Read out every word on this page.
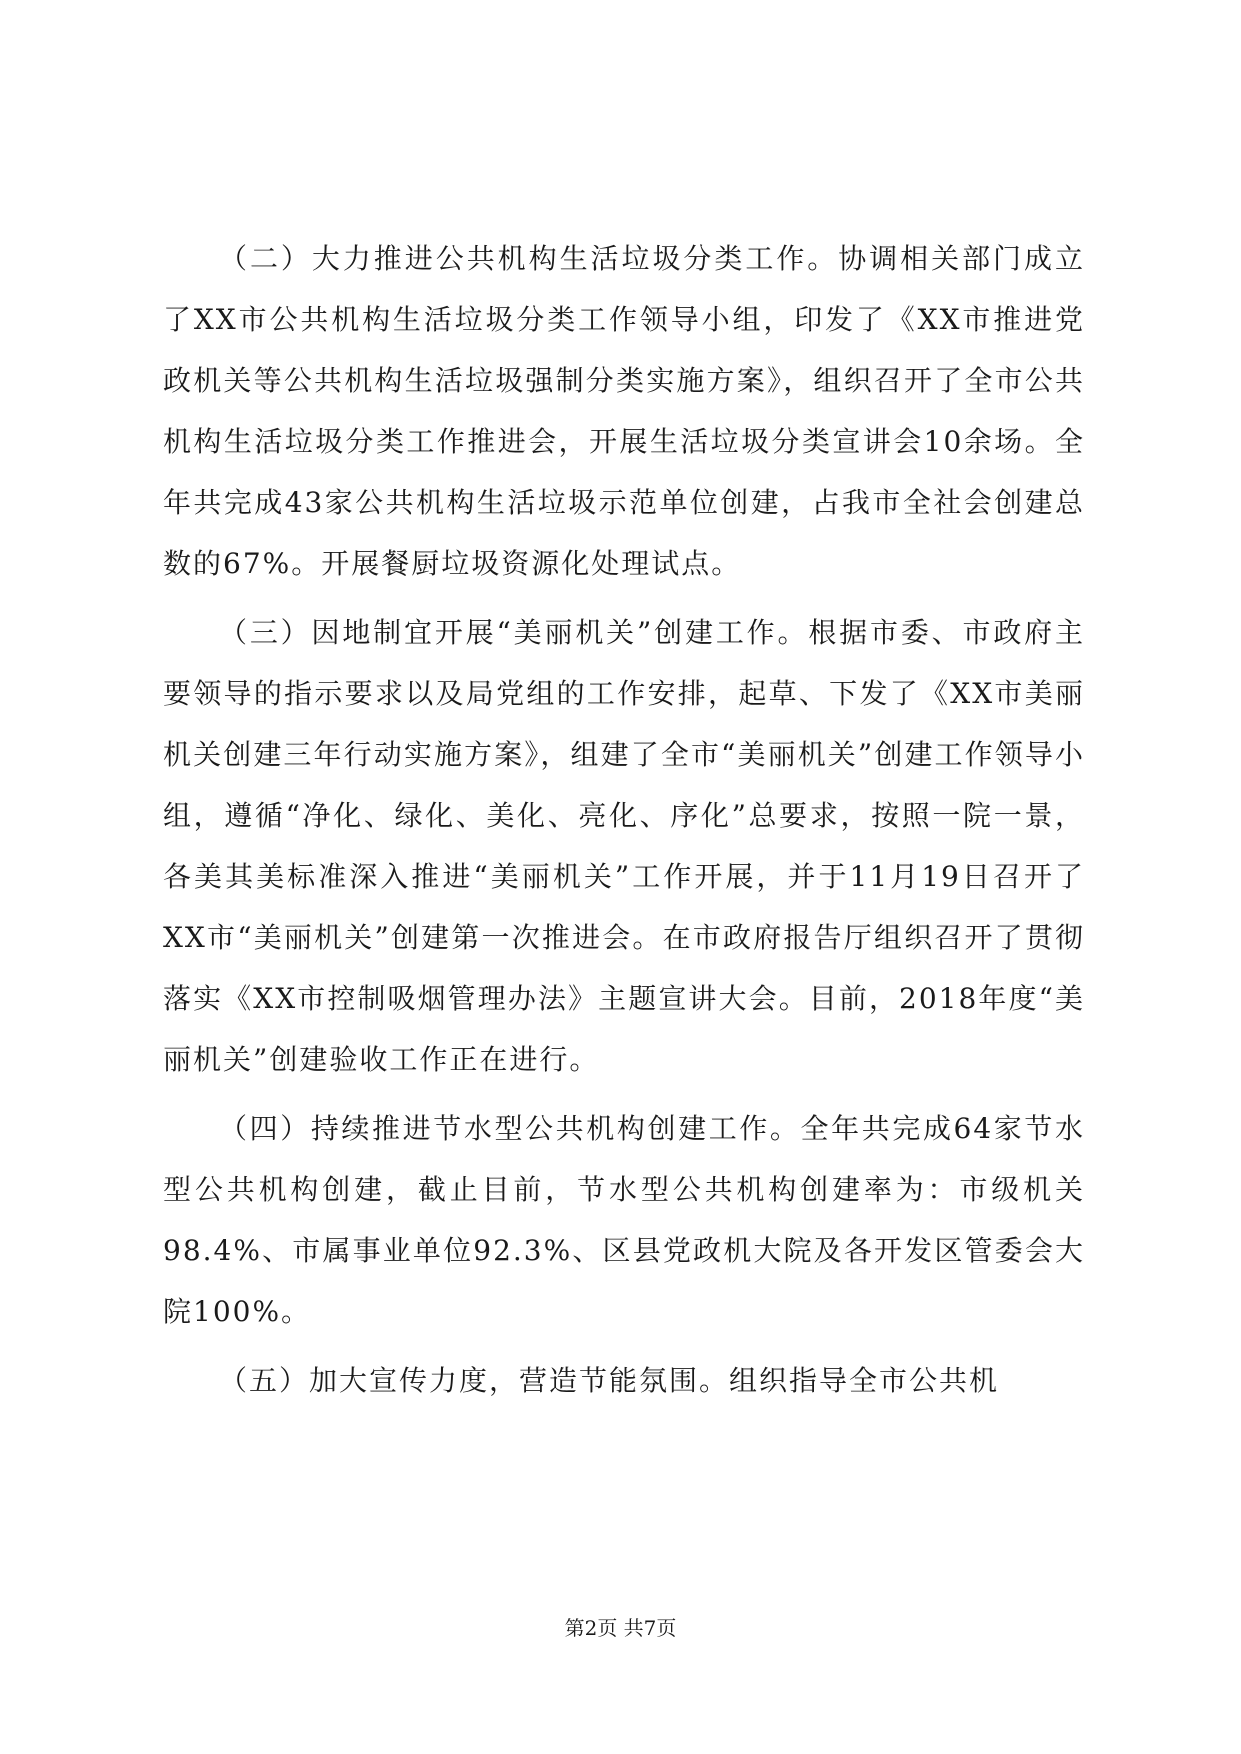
（二）大力推进公共机构生活垃圾分类工作。协调相关部门成立了XX市公共机构生活垃圾分类工作领导小组，印发了《XX市推进党政机关等公共机构生活垃圾强制分类实施方案》，组织召开了全市公共机构生活垃圾分类工作推进会，开展生活垃圾分类宣讲会10余场。全年共完成43家公共机构生活垃圾示范单位创建，占我市全社会创建总数的67%。开展餐厨垃圾资源化处理试点。

（三）因地制宜开展“美丽机关”创建工作。根据市委、市政府主要领导的指示要求以及局党组的工作安排，起草、下发了《XX市美丽机关创建三年行动实施方案》，组建了全市“美丽机关”创建工作领导小组，遵循“净化、绿化、美化、亮化、序化”总要求，按照一院一景，各美其美标准深入推进“美丽机关”工作开展，并于11月19日召开了XX市“美丽机关”创建第一次推进会。在市政府报告厅组织召开了贯彻落实《XX市控制吸烟管理办法》主题宣讲大会。目前，2018年度“美丽机关”创建验收工作正在进行。

（四）持续推进节水型公共机构创建工作。全年共完成64家节水型公共机构创建，截止目前，节水型公共机构创建率为：市级机关98.4%、市属事业单位92.3%、区县党政机大院及各开发区管委会大院100%。

（五）加大宣传力度，营造节能氛围。组织指导全市公共机

第2页 共7页
